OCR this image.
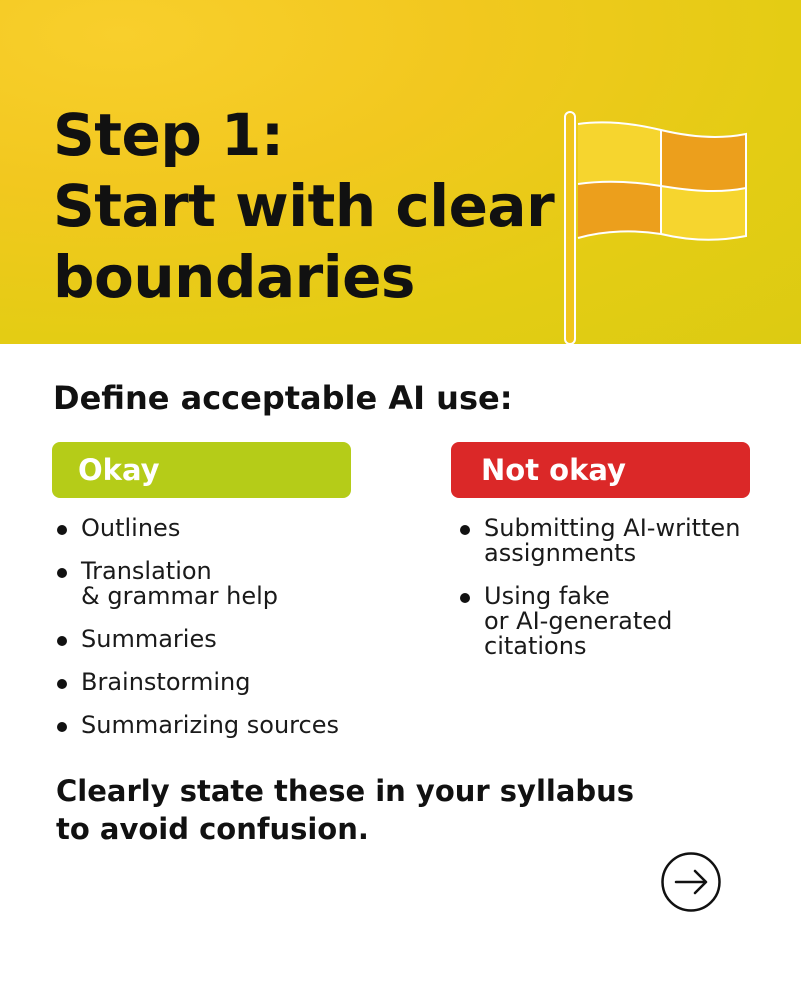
Step 1:
Start with clear
boundaries
Define acceptable AI use:
Okay	Not okay
Outlines
Translation
& grammar help
Summaries
Brainstorming
Summarizing sources
Submitting AI-written
assignments
Using fake
or AI-generated
citations

Clearly state these in your syllabus
to avoid confusion.
